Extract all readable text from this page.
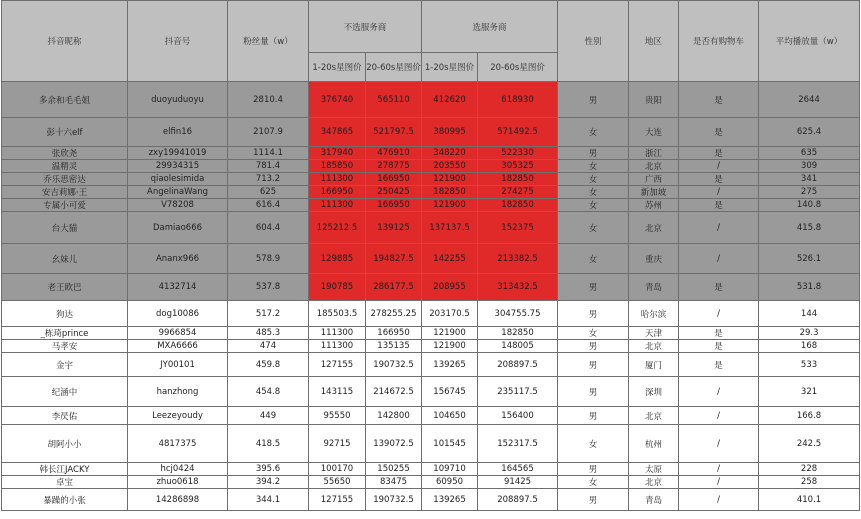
抖音昵称	抖音号	粉丝量（w）	不选服务商		选服务商		性别	地区	是否有购物车	平均播放量（w）
			1-20s星图价	20-60s星图价	1-20s星图价	20-60s星图价				
多余和毛毛姐	duoyuduoyu	2810.4	376740	565110	412620	618930	男	贵阳	是	2644
彭十六elf	elfin16	2107.9	347865	521797.5	380995	571492.5	女	大连	是	625.4
张欣尧	zxy19941019	1114.1	317940	476910	348220	522330	男	浙江	是	635
温精灵	29934315	781.4	185850	278775	203550	305325	女	北京	/	309
乔乐思密达	qiaolesimida	713.2	111300	166950	121900	182850	女	广西	是	341
安吉莉娜·王	AngelinaWang	625	166950	250425	182850	274275	女	新加坡	/	275
专属小可爱	V78208	616.4	111300	166950	121900	182850	女	苏州	是	140.8
台大猫	Damiao666	604.4	125212.5	139125	137137.5	152375	女	北京	/	415.8
幺妹儿	Ananx966	578.9	129885	194827.5	142255	213382.5	女	重庆	/	526.1
老王欧巴	4132714	537.8	190785	286177.5	208955	313432.5	男	青岛	是	531.8
狗达	dog10086	517.2	185503.5	278255.25	203170.5	304755.75	男	哈尔滨	/	144
_栋琦prince	9966854	485.3	111300	166950	121900	182850	女	天津	是	29.3
马孝安	MXA6666	474	111300	135135	121900	148005	男	北京	是	168
金宇	JY00101	459.8	127155	190732.5	139265	208897.5	男	厦门	是	533
纪涵中	hanzhong	454.8	143115	214672.5	156745	235117.5	男	深圳	/	321
李昃佑	Leezeyoudy	449	95550	142800	104650	156400	男	北京	/	166.8
胡阿小小	4817375	418.5	92715	139072.5	101545	152317.5	女	杭州	/	242.5
韩长江JACKY	hcj0424	395.6	100170	150255	109710	164565	男	太原	/	228
卓宝	zhuo0618	394.2	55650	83475	60950	91425	女	北京	/	258
暴躁的小张	14286898	344.1	127155	190732.5	139265	208897.5	男	青岛	/	410.1
